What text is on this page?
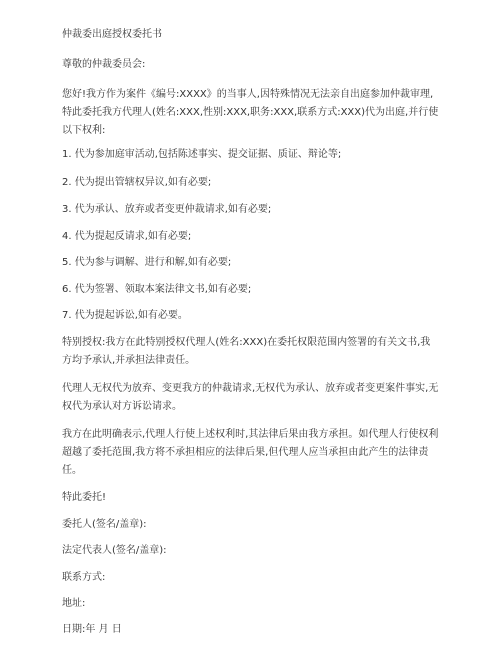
仲裁委出庭授权委托书
尊敬的仲裁委员会:
您好!我方作为案件《编号:XXXX》的当事人,因特殊情况无法亲自出庭参加仲裁审理,特此委托我方代理人(姓名:XXX,性别:XXX,职务:XXX,联系方式:XXX)代为出庭,并行使以下权利:
1. 代为参加庭审活动,包括陈述事实、提交证据、质证、辩论等;
2. 代为提出管辖权异议,如有必要;
3. 代为承认、放弃或者变更仲裁请求,如有必要;
4. 代为提起反请求,如有必要;
5. 代为参与调解、进行和解,如有必要;
6. 代为签署、领取本案法律文书,如有必要;
7. 代为提起诉讼,如有必要。
特别授权:我方在此特别授权代理人(姓名:XXX)在委托权限范围内签署的有关文书,我方均予承认,并承担法律责任。
代理人无权代为放弃、变更我方的仲裁请求,无权代为承认、放弃或者变更案件事实,无权代为承认对方诉讼请求。
我方在此明确表示,代理人行使上述权利时,其法律后果由我方承担。如代理人行使权利超越了委托范围,我方将不承担相应的法律后果,但代理人应当承担由此产生的法律责任。
特此委托!
委托人(签名/盖章):
法定代表人(签名/盖章):
联系方式:
地址:
日期:年 月 日
